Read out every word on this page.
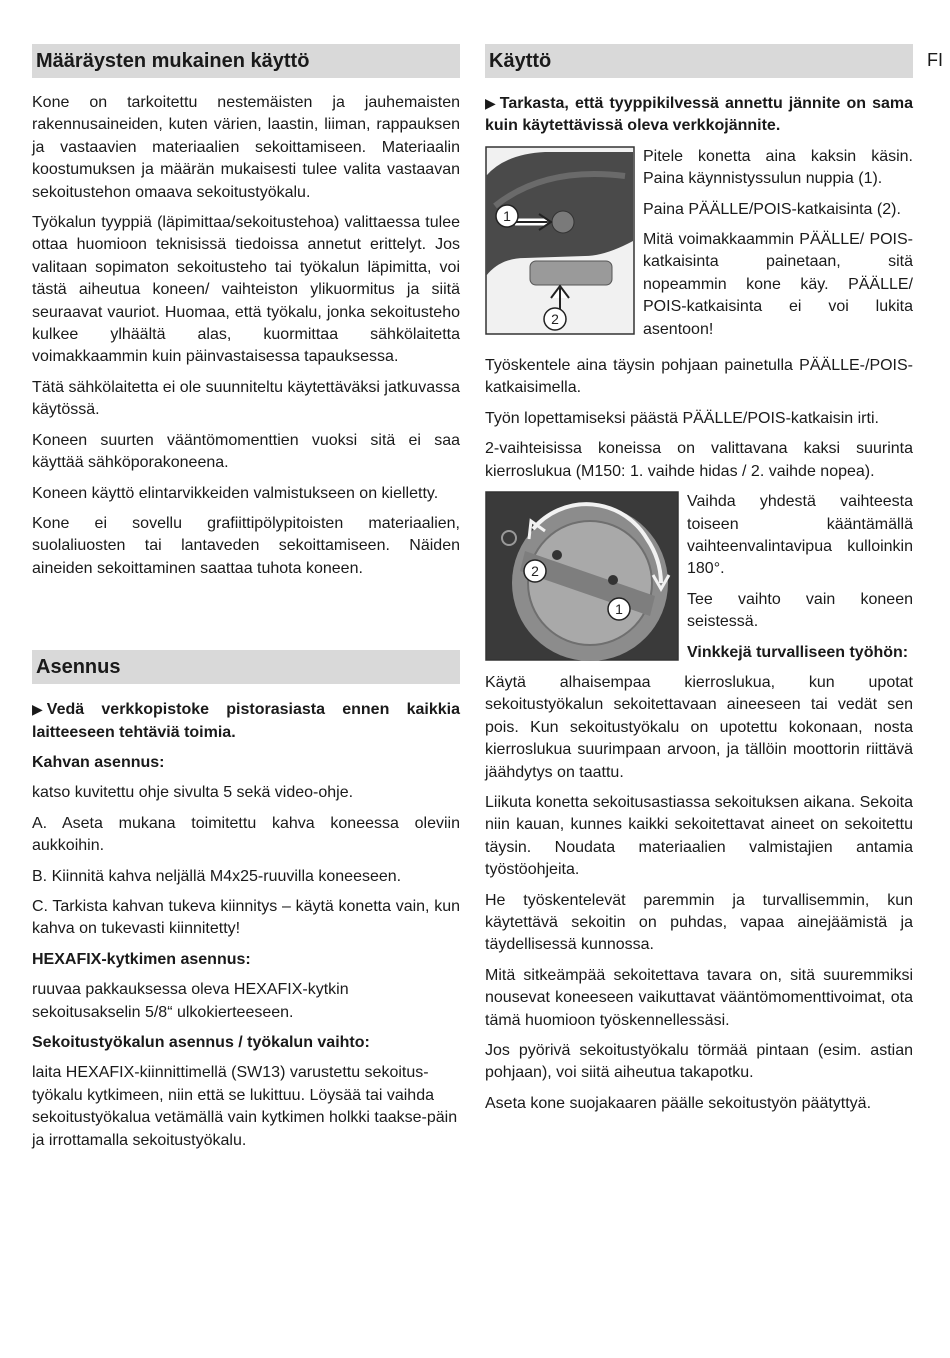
FI
Määräysten mukainen käyttö

Kone on tarkoitettu nestemäisten ja jauhemaisten rakennusaineiden, kuten värien, laastin, liiman, rappauksen ja vastaavien materiaalien sekoittamiseen. Materiaalin koostumuksen ja määrän mukaisesti tulee valita vastaavan sekoitustehon omaava sekoitustyökalu.

Työkalun tyyppiä (läpimittaa/sekoitustehoa) valittaessa tulee ottaa huomioon teknisissä tiedoissa annetut erittelyt. Jos valitaan sopimaton sekoitusteho tai työkalun läpimitta, voi tästä aiheutua koneen/ vaihteiston ylikuormitus ja siitä seuraavat vauriot. Huomaa, että työkalu, jonka sekoitusteho kulkee ylhäältä alas, kuormittaa sähkölaitetta voimakkaammin kuin päinvastaisessa tapauksessa.

Tätä sähkölaitetta ei ole suunniteltu käytettäväksi jatkuvassa käytössä.

Koneen suurten vääntömomenttien vuoksi sitä ei saa käyttää sähköporakoneena.

Koneen käyttö elintarvikkeiden valmistukseen on kielletty.

Kone ei sovellu grafiittipölypitoisten materiaalien, suolaliuosten tai lantaveden sekoittamiseen. Näiden aineiden sekoittaminen saattaa tuhota koneen.

Asennus

▶ Vedä verkkopistoke pistorasiasta ennen kaikkia laitteeseen tehtäviä toimia.

Kahvan asennus:

katso kuvitettu ohje sivulta 5 sekä video-ohje.

A. Aseta mukana toimitettu kahva koneessa oleviin aukkoihin.

B. Kiinnitä kahva neljällä M4x25-ruuvilla koneeseen.

C. Tarkista kahvan tukeva kiinnitys – käytä konetta vain, kun kahva on tukevasti kiinnitetty!

HEXAFIX-kytkimen asennus:

ruuvaa pakkauksessa oleva HEXAFIX-kytkin sekoitusakselin 5/8“ ulkokierteeseen.

Sekoitustyökalun asennus / työkalun vaihto:

laita HEXAFIX-kiinnittimellä (SW13) varustettu sekoitus-työkalu kytkimeen, niin että se lukittuu. Löysää tai vaihda sekoitustyökalua vetämällä vain kytkimen holkki taakse-päin ja irrottamalla sekoitustyökalu.

Käyttö

▶ Tarkasta, että tyyppikilvessä annettu jännite on sama kuin käytettävissä oleva verkkojännite.

1
2

Pitele konetta aina kaksin käsin. Paina käynnistyssulun nuppia (1).

Paina PÄÄLLE/POIS-katkaisinta (2).

Mitä voimakkaammin PÄÄLLE/ POIS-katkaisinta painetaan, sitä nopeammin kone käy. PÄÄLLE/ POIS-katkaisinta ei voi lukita asentoon!

Työskentele aina täysin pohjaan painetulla PÄÄLLE-/POIS-katkaisimella.

Työn lopettamiseksi päästä PÄÄLLE/POIS-katkaisin irti.

2-vaihteisissa koneissa on valittavana kaksi suurinta kierroslukua (M150: 1. vaihde hidas / 2. vaihde nopea).

2
1

Vaihda yhdestä vaihteesta toiseen kääntämällä vaihteenvalintavipua kulloinkin 180°.

Tee vaihto vain koneen seistessä.

Vinkkejä turvalliseen työhön:

Käytä alhaisempaa kierroslukua, kun upotat sekoitustyökalun sekoitettavaan aineeseen tai vedät sen pois. Kun sekoitustyökalu on upotettu kokonaan, nosta kierroslukua suurimpaan arvoon, ja tällöin moottorin riittävä jäähdytys on taattu.

Liikuta konetta sekoitusastiassa sekoituksen aikana. Sekoita niin kauan, kunnes kaikki sekoitettavat aineet on sekoitettu täysin. Noudata materiaalien valmistajien antamia työstöohjeita.

He työskentelevät paremmin ja turvallisemmin, kun käytettävä sekoitin on puhdas, vapaa ainejäämistä ja täydellisessä kunnossa.

Mitä sitkeämpää sekoitettava tavara on, sitä suuremmiksi nousevat koneeseen vaikuttavat vääntömomenttivoimat, ota tämä huomioon työskennellessäsi.

Jos pyörivä sekoitustyökalu törmää pintaan (esim. astian pohjaan), voi siitä aiheutua takapotku.

Aseta kone suojakaaren päälle sekoitustyön päätyttyä.
